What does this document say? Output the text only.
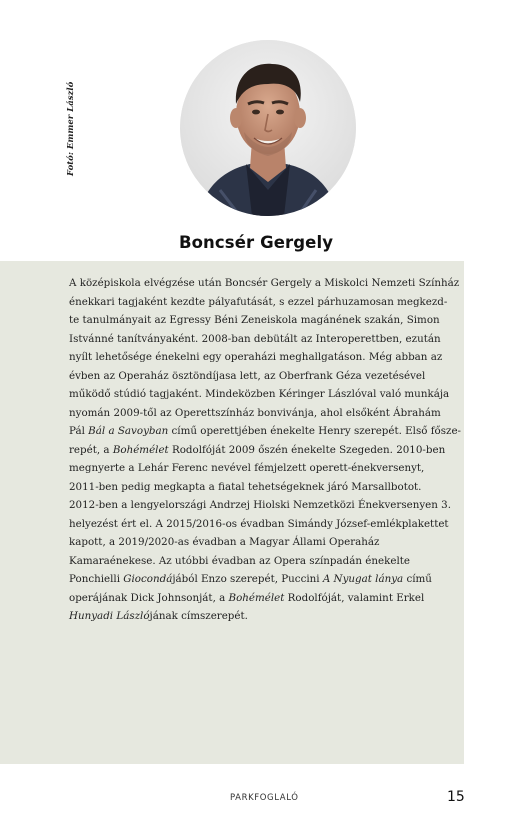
Fotó: Emmer László
Boncsér Gergely
A középiskola elvégzése után Boncsér Gergely a Miskolci Nemzeti Színház
énekkari tagjaként kezdte pályafutását, s ezzel párhuzamosan megkezd-
te tanulmányait az Egressy Béni Zeneiskola magánének szakán, Simon
Istvánné tanítványaként. 2008-ban debütált az Interoperettben, ezután
nyílt lehetősége énekelni egy operaházi meghallgatáson. Még abban az
évben az Operaház ösztöndíjasa lett, az Oberfrank Géza vezetésével
működő stúdió tagjaként. Mindeközben Kéringer Lászlóval való munkája
nyomán 2009-től az Operettszínház bonvivánja, ahol elsőként Ábrahám
Pál Bál a Savoyban című operettjében énekelte Henry szerepét. Első főszе-
repét, a Bohémélet Rodolfóját 2009 őszén énekelte Szegeden. 2010-ben
megnyerte a Lehár Ferenc nevével fémjelzett operett-énekversenyt,
2011-ben pedig megkapta a fiatal tehetségeknek járó Marsallbotot.
2012-ben a lengyelországi Andrzej Hiolski Nemzetközi Énekversenyen 3.
helyezést ért el. A 2015/2016-os évadban Simándy József-emlékplakettet
kapott, a 2019/2020-as évadban a Magyar Állami Operaház
Kamaraénekese. Az utóbbi évadban az Opera színpadán énekelte
Ponchielli Giocondájából Enzo szerepét, Puccini A Nyugat lánya című
operájának Dick Johnsonját, a Bohémélet Rodolfóját, valamint Erkel
Hunyadi Lászlójának címszerepét.
PARKFOGLALÓ	15
